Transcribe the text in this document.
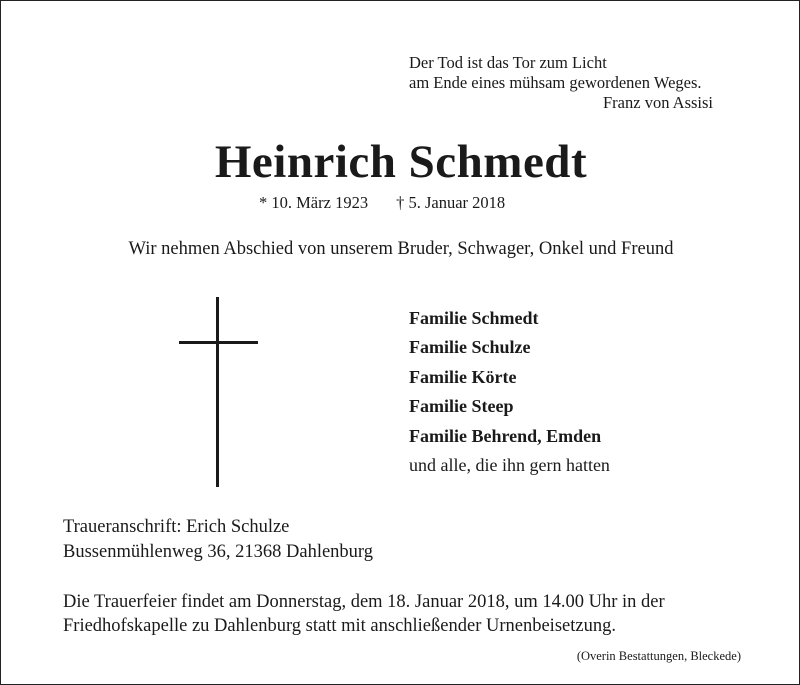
Der Tod ist das Tor zum Licht
am Ende eines mühsam gewordenen Weges.
Franz von Assisi
Heinrich Schmedt
* 10. März 1923 † 5. Januar 2018
Wir nehmen Abschied von unserem Bruder, Schwager, Onkel und Freund
Familie Schmedt
Familie Schulze
Familie Körte
Familie Steep
Familie Behrend, Emden
und alle, die ihn gern hatten
Traueranschrift: Erich Schulze
Bussenmühlenweg 36, 21368 Dahlenburg
Die Trauerfeier findet am Donnerstag, dem 18. Januar 2018, um 14.00 Uhr in der
Friedhofskapelle zu Dahlenburg statt mit anschließender Urnenbeisetzung.
(Overin Bestattungen, Bleckede)
